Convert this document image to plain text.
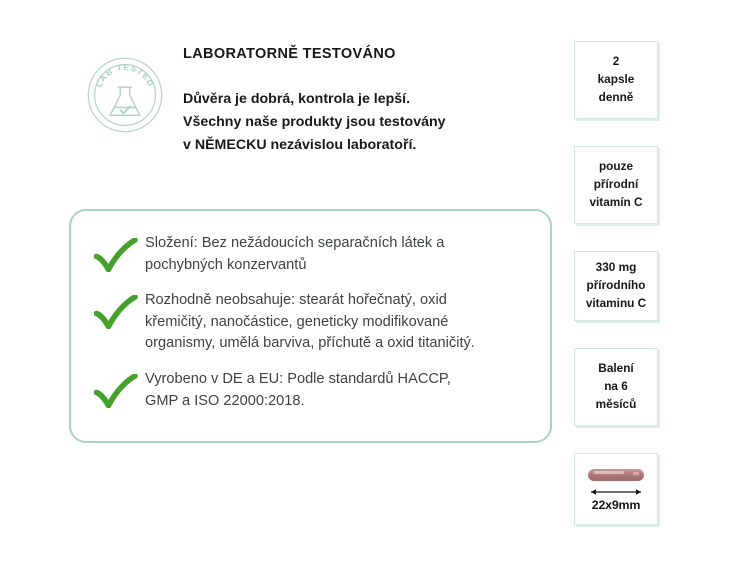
LAB TESTED
LABORATORNĚ TESTOVÁNO
Důvěra je dobrá, kontrola je lepší.
Všechny naše produkty jsou testovány
v NĚMECKU nezávislou laboratoří.
Složení: Bez nežádoucích separačních látek a
pochybných konzervantů
Rozhodně neobsahuje: stearát hořečnatý, oxid
křemičitý, nanočástice, geneticky modifikované
organismy, umělá barviva, příchutě a oxid titaničitý.
Vyrobeno v DE a EU: Podle standardů HACCP,
GMP a ISO 22000:2018.
2
kapsle
denně
pouze
přírodní
vitamín C
330 mg
přírodního
vitaminu C
Balení
na 6
měsíců
22x9mm
